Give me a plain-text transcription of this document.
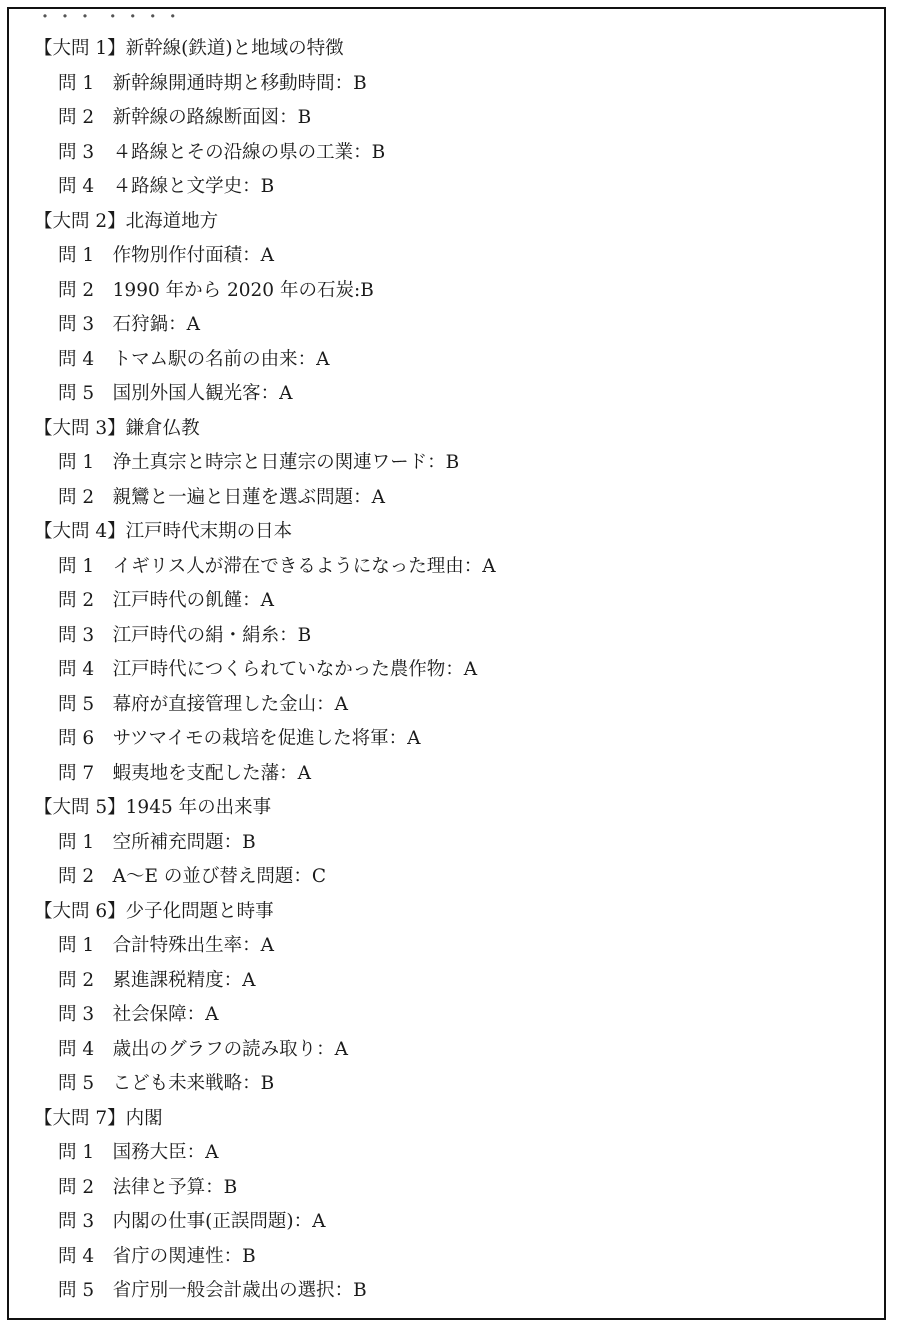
・・・ ・・・・
【大問 1】新幹線(鉄道)と地域の特徴
問 1　新幹線開通時期と移動時間：B
問 2　新幹線の路線断面図：B
問 3　４路線とその沿線の県の工業：B
問 4　４路線と文学史：B
【大問 2】北海道地方
問 1　作物別作付面積：A
問 2　1990 年から 2020 年の石炭:B
問 3　石狩鍋：A
問 4　トマム駅の名前の由来：A
問 5　国別外国人観光客：A
【大問 3】鎌倉仏教
問 1　浄土真宗と時宗と日蓮宗の関連ワード：B
問 2　親鸞と一遍と日蓮を選ぶ問題：A
【大問 4】江戸時代末期の日本
問 1　イギリス人が滞在できるようになった理由：A
問 2　江戸時代の飢饉：A
問 3　江戸時代の絹・絹糸：B
問 4　江戸時代につくられていなかった農作物：A
問 5　幕府が直接管理した金山：A
問 6　サツマイモの栽培を促進した将軍：A
問 7　蝦夷地を支配した藩：A
【大問 5】1945 年の出来事
問 1　空所補充問題：B
問 2　A～E の並び替え問題：C
【大問 6】少子化問題と時事
問 1　合計特殊出生率：A
問 2　累進課税精度：A
問 3　社会保障：A
問 4　歳出のグラフの読み取り：A
問 5　こども未来戦略：B
【大問 7】内閣
問 1　国務大臣：A
問 2　法律と予算：B
問 3　内閣の仕事(正誤問題)：A
問 4　省庁の関連性：B
問 5　省庁別一般会計歳出の選択：B
